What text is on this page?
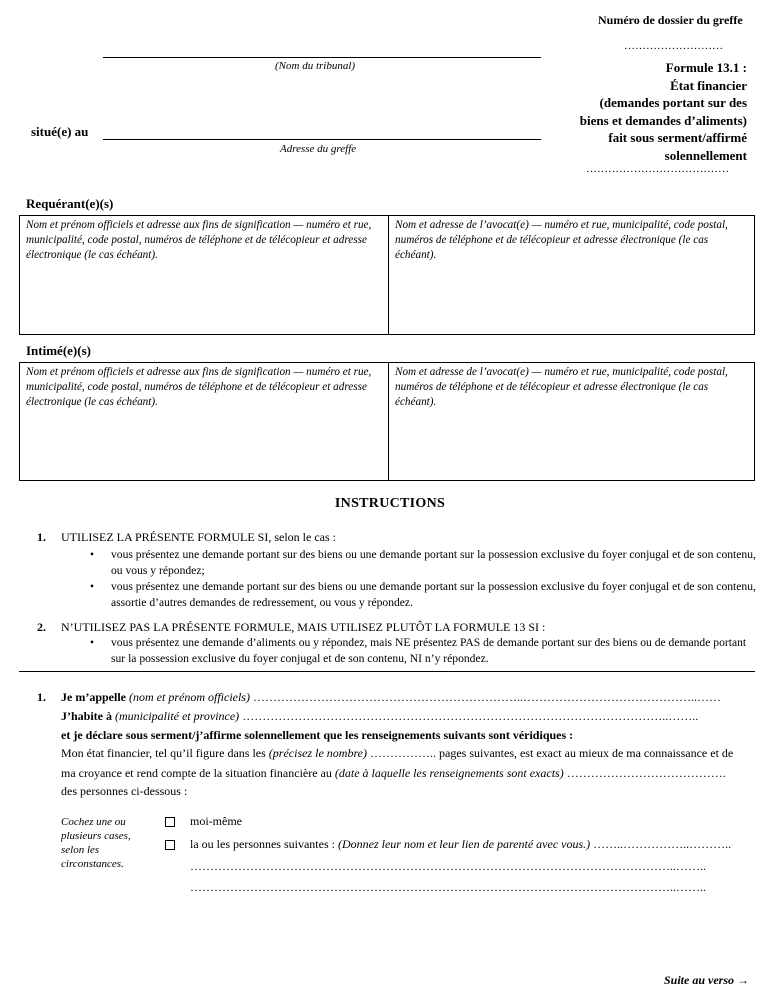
Numéro de dossier du greffe
………………………
(Nom du tribunal)
situé(e) au
Adresse du greffe
Formule 13.1 :
État financier
(demandes portant sur des
biens et demandes d’aliments)
fait sous serment/affirmé
solennellement
…………………………………
Requérant(e)(s)
Nom et prénom officiels et adresse aux fins de signification — numéro et rue, municipalité, code postal, numéros de téléphone et de télécopieur et adresse électronique (le cas échéant).
Nom et adresse de l’avocat(e) — numéro et rue, municipalité, code postal, numéros de téléphone et de télécopieur et adresse électronique (le cas échéant).
Intimé(e)(s)
Nom et prénom officiels et adresse aux fins de signification — numéro et rue, municipalité, code postal, numéros de téléphone et de télécopieur et adresse électronique (le cas échéant).
Nom et adresse de l’avocat(e) — numéro et rue, municipalité, code postal, numéros de téléphone et de télécopieur et adresse électronique (le cas échéant).
INSTRUCTIONS
1. UTILISEZ LA PRÉSENTE FORMULE SI, selon le cas :
• vous présentez une demande portant sur des biens ou une demande portant sur la possession exclusive du foyer conjugal et de son contenu, ou vous y répondez;
• vous présentez une demande portant sur des biens ou une demande portant sur la possession exclusive du foyer conjugal et de son contenu, assortie d’autres demandes de redressement, ou vous y répondez.
2. N’UTILISEZ PAS LA PRÉSENTE FORMULE, MAIS UTILISEZ PLUTÔT LA FORMULE 13 SI :
• vous présentez une demande d’aliments ou y répondez, mais NE présentez PAS de demande portant sur des biens ou de demande portant sur la possession exclusive du foyer conjugal et de son contenu, NI n’y répondez.
1. Je m’appelle (nom et prénom officiels) …………………………………………………………..……………………………………..……
J’habite à (municipalité et province) ……………………………………………………………………………………………..……..
et je déclare sous serment/j’affirme solennellement que les renseignements suivants sont véridiques :
Mon état financier, tel qu’il figure dans les (précisez le nombre) …………….. pages suivantes, est exact au mieux de ma connaissance et de
ma croyance et rend compte de la situation financière au (date à laquelle les renseignements sont exacts) ………………………………….
des personnes ci-dessous :
Cochez une ou plusieurs cases, selon les circonstances.
moi-même
la ou les personnes suivantes : (Donnez leur nom et leur lien de parenté avec vous.) ……..……………..………..
…………………………………………………………………………………………………………..……..
…………………………………………………………………………………………………………..……..
Suite au verso →
